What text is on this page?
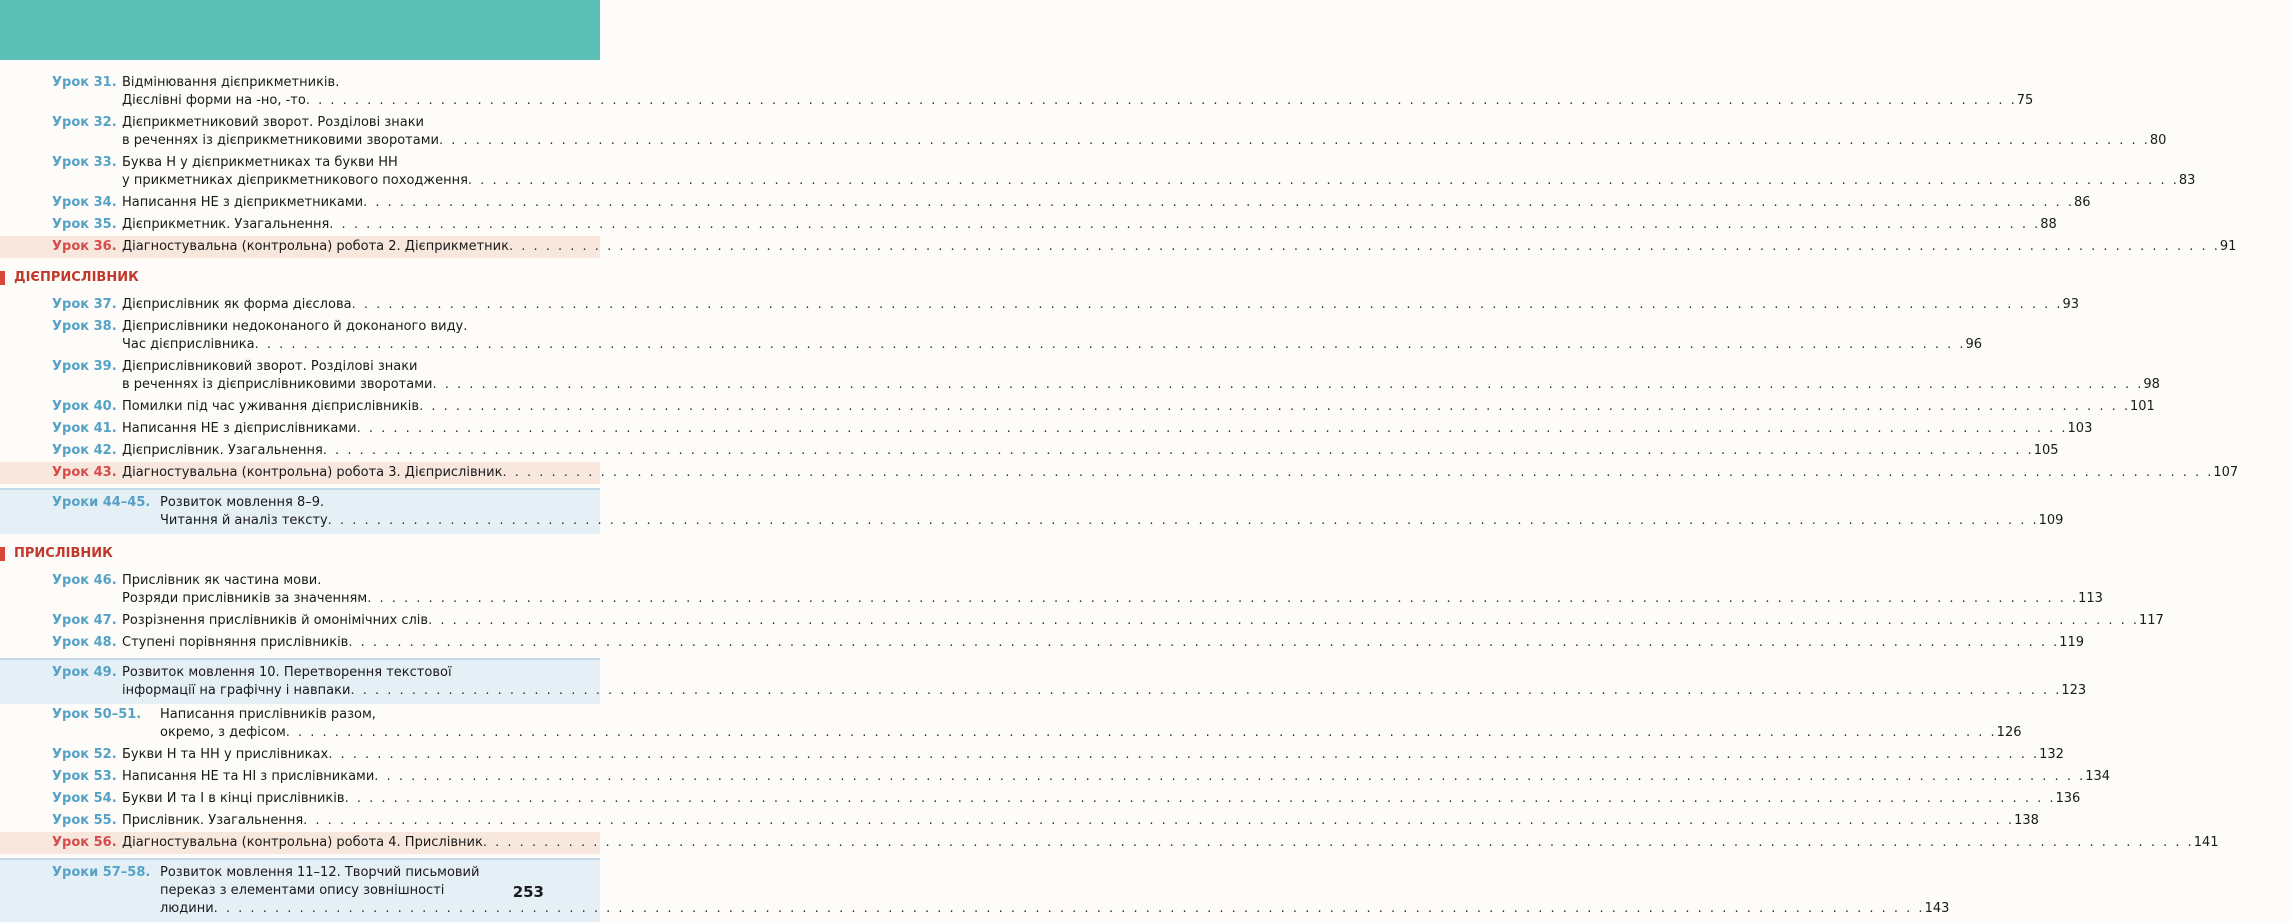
Урок 31. Відмінювання дієприкметників.
Дієслівні форми на -но, -то . . .	75
Урок 32. Дієприкметниковий зворот. Розділові знаки
в реченнях із дієприкметниковими зворотами . . .	80
Урок 33. Буква Н у дієприкметниках та букви НН
у прикметниках дієприкметникового походження . . .	83
Урок 34. Написання НЕ з дієприкметниками . . .	86
Урок 35. Дієприкметник. Узагальнення . . .	88
Урок 36. Діагностувальна (контрольна) робота 2. Дієприкметник . . .	91
ДІЄПРИСЛІВНИК
Урок 37. Дієприслівник як форма дієслова . . .	93
Урок 38. Дієприслівники недоконаного й доконаного виду.
Час дієприслівника . . .	96
Урок 39. Дієприслівниковий зворот. Розділові знаки
в реченнях із дієприслівниковими зворотами . . .	98
Урок 40. Помилки під час уживання дієприслівників . . .	101
Урок 41. Написання НЕ з дієприслівниками . . .	103
Урок 42. Дієприслівник. Узагальнення . . .	105
Урок 43. Діагностувальна (контрольна) робота 3. Дієприслівник . . .	107
Уроки 44–45. Розвиток мовлення 8–9.
Читання й аналіз тексту . . .	109
ПРИСЛІВНИК
Урок 46. Прислівник як частина мови.
Розряди прислівників за значенням . . .	113
Урок 47. Розрізнення прислівників й омонімічних слів . . .	117
Урок 48. Ступені порівняння прислівників . . .	119
Урок 49. Розвиток мовлення 10. Перетворення текстової
інформації на графічну і навпаки . . .	123
Урок 50–51.	Написання прислівників разом,
окремо, з дефісом . . .	126
Урок 52. Букви Н та НН у прислівниках . . .	132
Урок 53. Написання НЕ та НІ з прислівниками . . .	134
Урок 54. Букви И та І в кінці прислівників . . .	136
Урок 55. Прислівник. Узагальнення . . .	138
Урок 56. Діагностувальна (контрольна) робота 4. Прислівник . . .	141
Уроки 57–58. Розвиток мовлення 11–12. Творчий письмовий
переказ з елементами опису зовнішності
людини . . .	143
253
